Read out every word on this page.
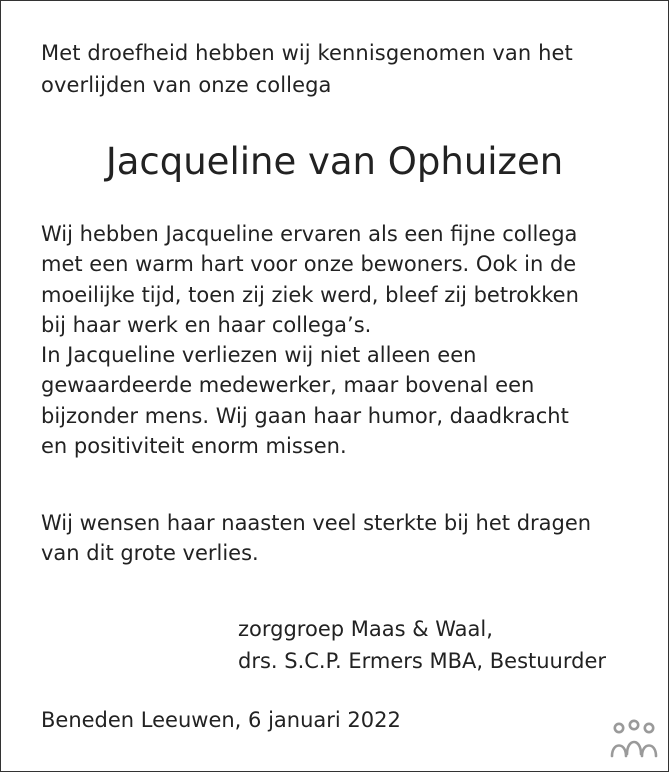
Met droefheid hebben wij kennisgenomen van het
overlijden van onze collega
Jacqueline van Ophuizen
Wij hebben Jacqueline ervaren als een fijne collega
met een warm hart voor onze bewoners. Ook in de
moeilijke tijd, toen zij ziek werd, bleef zij betrokken
bij haar werk en haar collega’s.
In Jacqueline verliezen wij niet alleen een
gewaardeerde medewerker, maar bovenal een
bijzonder mens. Wij gaan haar humor, daadkracht
en positiviteit enorm missen.
Wij wensen haar naasten veel sterkte bij het dragen
van dit grote verlies.
zorggroep Maas & Waal,
drs. S.C.P. Ermers MBA, Bestuurder
Beneden Leeuwen, 6 januari 2022
